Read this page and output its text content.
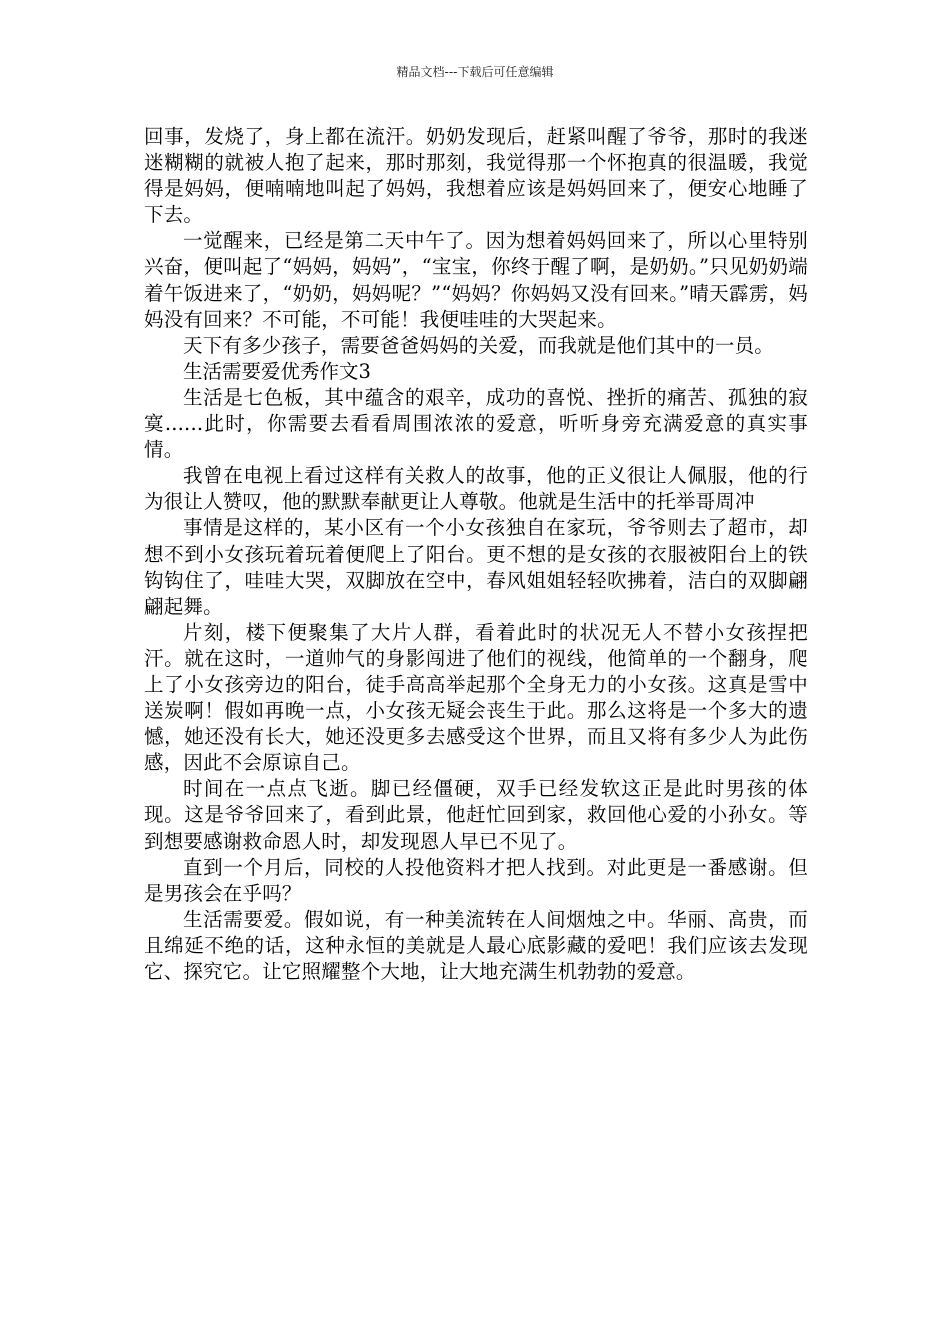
精品文档---下载后可任意编辑

回事，发烧了，身上都在流汗。奶奶发现后，赶紧叫醒了爷爷，那时的我迷迷糊糊的就被人抱了起来，那时那刻，我觉得那一个怀抱真的很温暖，我觉得是妈妈，便喃喃地叫起了妈妈，我想着应该是妈妈回来了，便安心地睡了下去。

一觉醒来，已经是第二天中午了。因为想着妈妈回来了，所以心里特别兴奋，便叫起了“妈妈，妈妈”，“宝宝，你终于醒了啊，是奶奶。”只见奶奶端着午饭进来了，“奶奶，妈妈呢？”“妈妈？你妈妈又没有回来。”晴天霹雳，妈妈没有回来？不可能，不可能！我便哇哇的大哭起来。

天下有多少孩子，需要爸爸妈妈的关爱，而我就是他们其中的一员。

生活需要爱优秀作文3

生活是七色板，其中蕴含的艰辛，成功的喜悦、挫折的痛苦、孤独的寂寞......此时，你需要去看看周围浓浓的爱意，听听身旁充满爱意的真实事情。

我曾在电视上看过这样有关救人的故事，他的正义很让人佩服，他的行为很让人赞叹，他的默默奉献更让人尊敬。他就是生活中的托举哥周冲

事情是这样的，某小区有一个小女孩独自在家玩，爷爷则去了超市，却想不到小女孩玩着玩着便爬上了阳台。更不想的是女孩的衣服被阳台上的铁钩钩住了，哇哇大哭，双脚放在空中，春风姐姐轻轻吹拂着，洁白的双脚翩翩起舞。

片刻，楼下便聚集了大片人群，看着此时的状况无人不替小女孩捏把汗。就在这时，一道帅气的身影闯进了他们的视线，他简单的一个翻身，爬上了小女孩旁边的阳台，徒手高高举起那个全身无力的小女孩。这真是雪中送炭啊！假如再晚一点，小女孩无疑会丧生于此。那么这将是一个多大的遗憾，她还没有长大，她还没更多去感受这个世界，而且又将有多少人为此伤感，因此不会原谅自己。

时间在一点点飞逝。脚已经僵硬，双手已经发软这正是此时男孩的体现。这是爷爷回来了，看到此景，他赶忙回到家，救回他心爱的小孙女。等到想要感谢救命恩人时，却发现恩人早已不见了。

直到一个月后，同校的人投他资料才把人找到。对此更是一番感谢。但是男孩会在乎吗？

生活需要爱。假如说，有一种美流转在人间烟烛之中。华丽、高贵，而且绵延不绝的话，这种永恒的美就是人最心底影藏的爱吧！我们应该去发现它、探究它。让它照耀整个大地，让大地充满生机勃勃的爱意。
